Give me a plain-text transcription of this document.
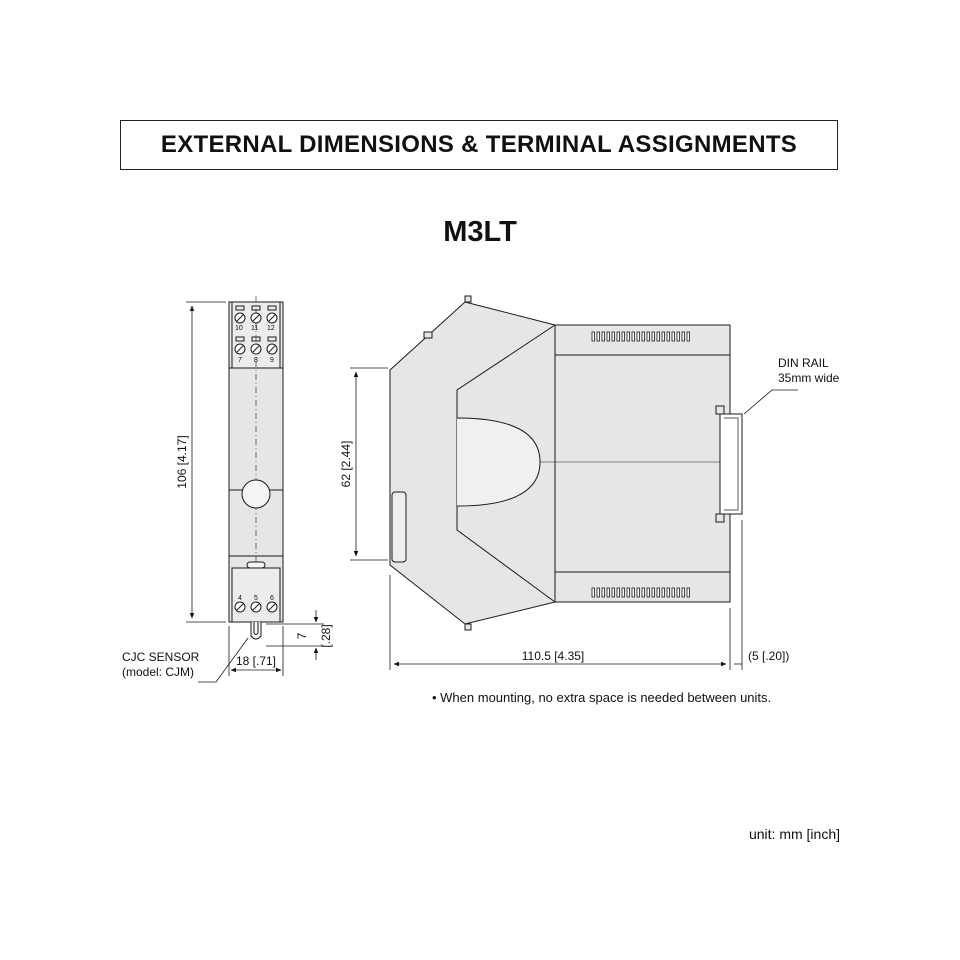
EXTERNAL DIMENSIONS & TERMINAL ASSIGNMENTS
M3LT
10 11 12
7 8 9
4 5 6
106 [4.17]
18 [.71]
7 [.28]
CJC SENSOR
(model: CJM)
62 [2.44]
110.5 [4.35]	(5 [.20])
DIN RAIL
35mm wide
• When mounting, no extra space is needed between units.
unit: mm [inch]
